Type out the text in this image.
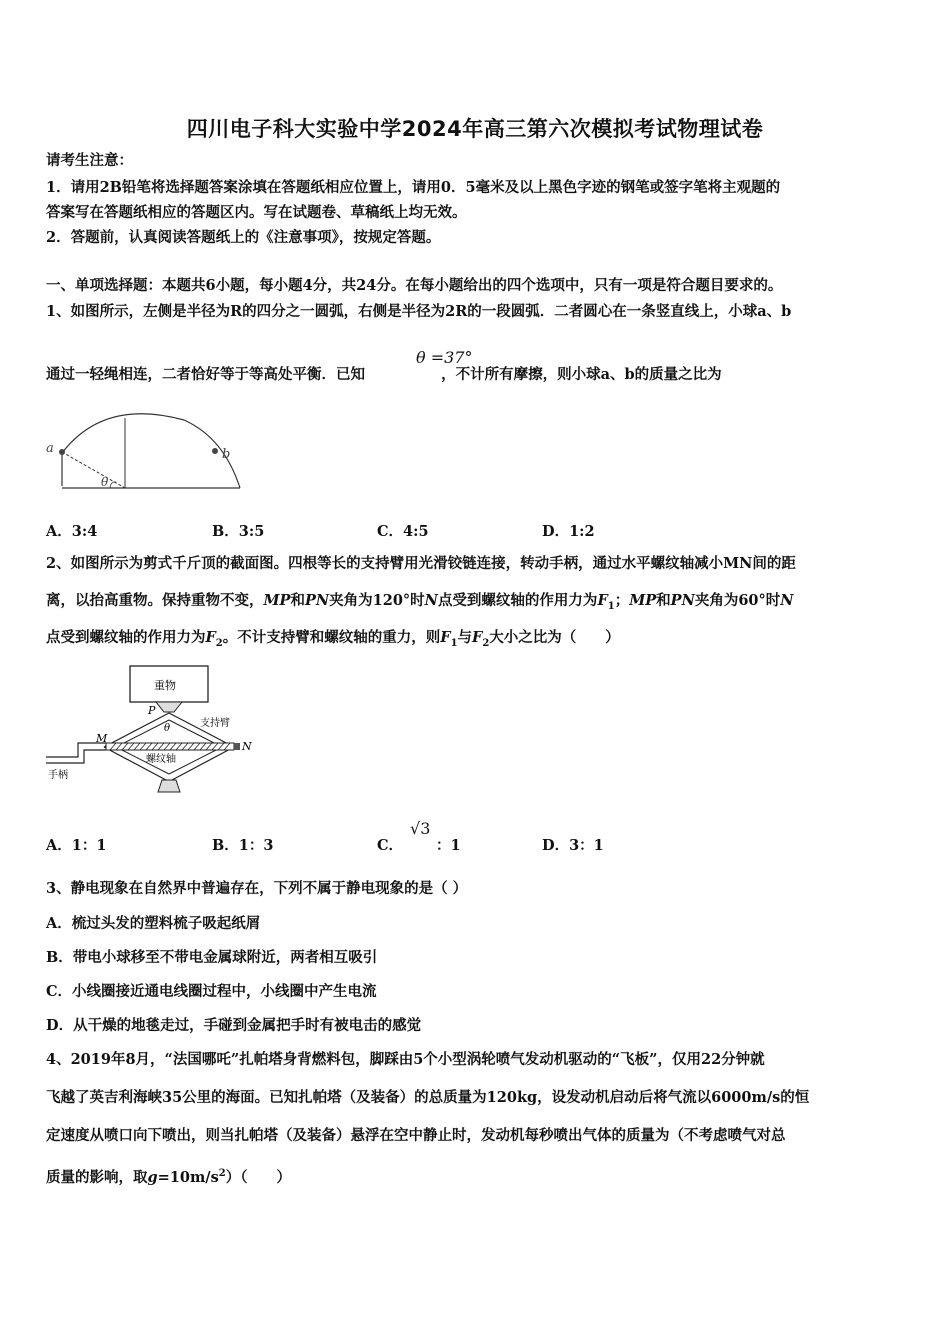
四川电子科大实验中学2024年高三第六次模拟考试物理试卷
请考生注意：
1．请用2B铅笔将选择题答案涂填在答题纸相应位置上，请用0．5毫米及以上黑色字迹的钢笔或签字笔将主观题的
答案写在答题纸相应的答题区内。写在试题卷、草稿纸上均无效。
2．答题前，认真阅读答题纸上的《注意事项》，按规定答题。
一、单项选择题：本题共6小题，每小题4分，共24分。在每小题给出的四个选项中，只有一项是符合题目要求的。
1、如图所示，左侧是半径为R的四分之一圆弧，右侧是半径为2R的一段圆弧．二者圆心在一条竖直线上，小球a、b
通过一轻绳相连，二者恰好等于等高处平衡．已知	，不计所有摩擦，则小球a、b的质量之比为
θ =37°
a	b
θ
A．3:4	B．3:5	C．4:5	D．1:2
2、如图所示为剪式千斤顶的截面图。四根等长的支持臂用光滑铰链连接，转动手柄，通过水平螺纹轴减小MN间的距
离，以抬高重物。保持重物不变，MP和PN夹角为120°时N点受到螺纹轴的作用力为$F_1$；MP和PN夹角为60°时N
点受到螺纹轴的作用力为$F_2$。不计支持臂和螺纹轴的重力，则$F_1$与$F_2$大小之比为（　　）
重物
M
N
P
θ	支持臂
螺纹轴
手柄
A．1：1	B．1：3	C．
√3
：1	D．3：1
3、静电现象在自然界中普遍存在，下列不属于静电现象的是（ ）
A．梳过头发的塑料梳子吸起纸屑
B．带电小球移至不带电金属球附近，两者相互吸引
C．小线圈接近通电线圈过程中，小线圈中产生电流
D．从干燥的地毯走过，手碰到金属把手时有被电击的感觉
4、2019年8月，“法国哪吒”扎帕塔身背燃料包，脚踩由5个小型涡轮喷气发动机驱动的“飞板”，仅用22分钟就
飞越了英吉利海峡35公里的海面。已知扎帕塔（及装备）的总质量为120kg，设发动机启动后将气流以6000m/s的恒
定速度从喷口向下喷出，则当扎帕塔（及装备）悬浮在空中静止时，发动机每秒喷出气体的质量为（不考虑喷气对总
质量的影响，取$g=10m/s^2$）（　　）
